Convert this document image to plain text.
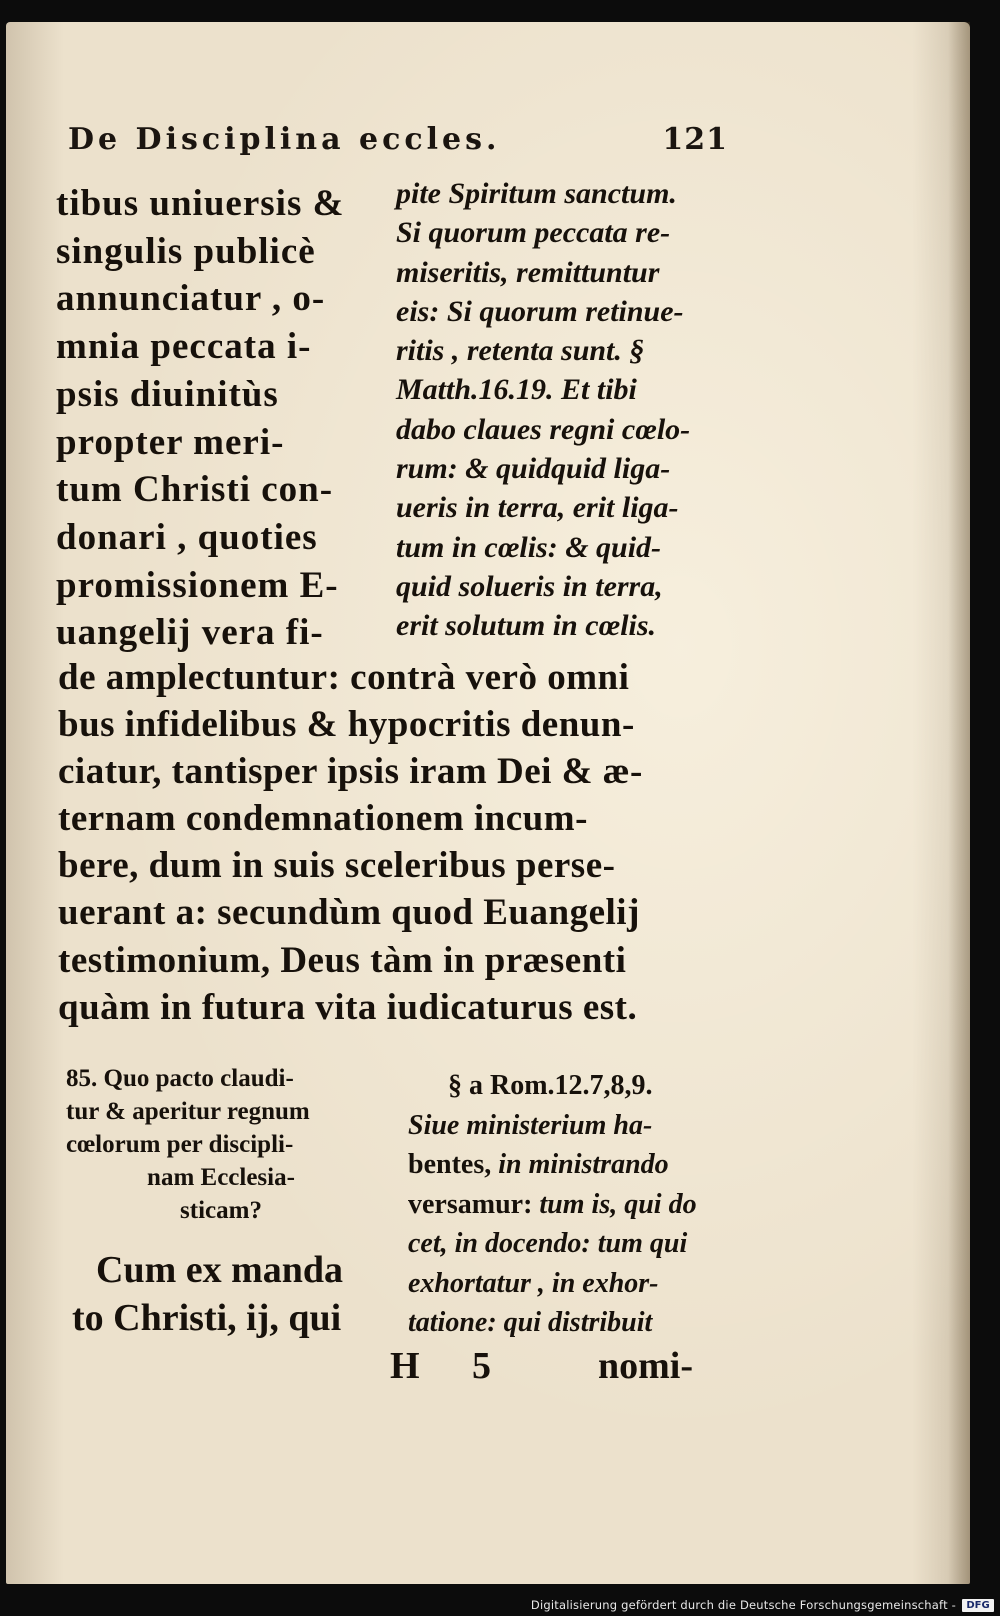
De Disciplina eccles.	121
tibus uniuersis &
singulis publicè
annunciatur , o-
mnia peccata i-
psis diuinitùs
propter meri-
tum Christi con-
donari , quoties
promissionem E-
uangelij vera fi-
pite Spiritum sanctum.
Si quorum peccata re-
miseritis, remittuntur
eis: Si quorum retinue-
ritis , retenta sunt. §
Matth.16.19. Et tibi
dabo claues regni cœlo-
rum: & quidquid liga-
ueris in terra, erit liga-
tum in cœlis: & quid-
quid solueris in terra,
erit solutum in cœlis.
de amplectuntur: contrà verò omni
bus infidelibus & hypocritis denun-
ciatur, tantisper ipsis iram Dei & æ-
ternam condemnationem incum-
bere, dum in suis sceleribus perse-
uerant a: secundùm quod Euangelij
testimonium, Deus tàm in præsenti
quàm in futura vita iudicaturus est.
85. Quo pacto claudi-
tur & aperitur regnum
cœlorum per discipli-
nam Ecclesia-
sticam?
Cum ex manda
to Christi, ij, qui
§ a Rom.12.7,8,9.
Siue ministerium ha-
bentes, in ministrando
versamur: tum is, qui do
cet, in docendo: tum qui
exhortatur , in exhor-
tatione: qui distribuit
H 5	nomi-
Digitalisierung gefördert durch die Deutsche Forschungsgemeinschaft -	DFG
